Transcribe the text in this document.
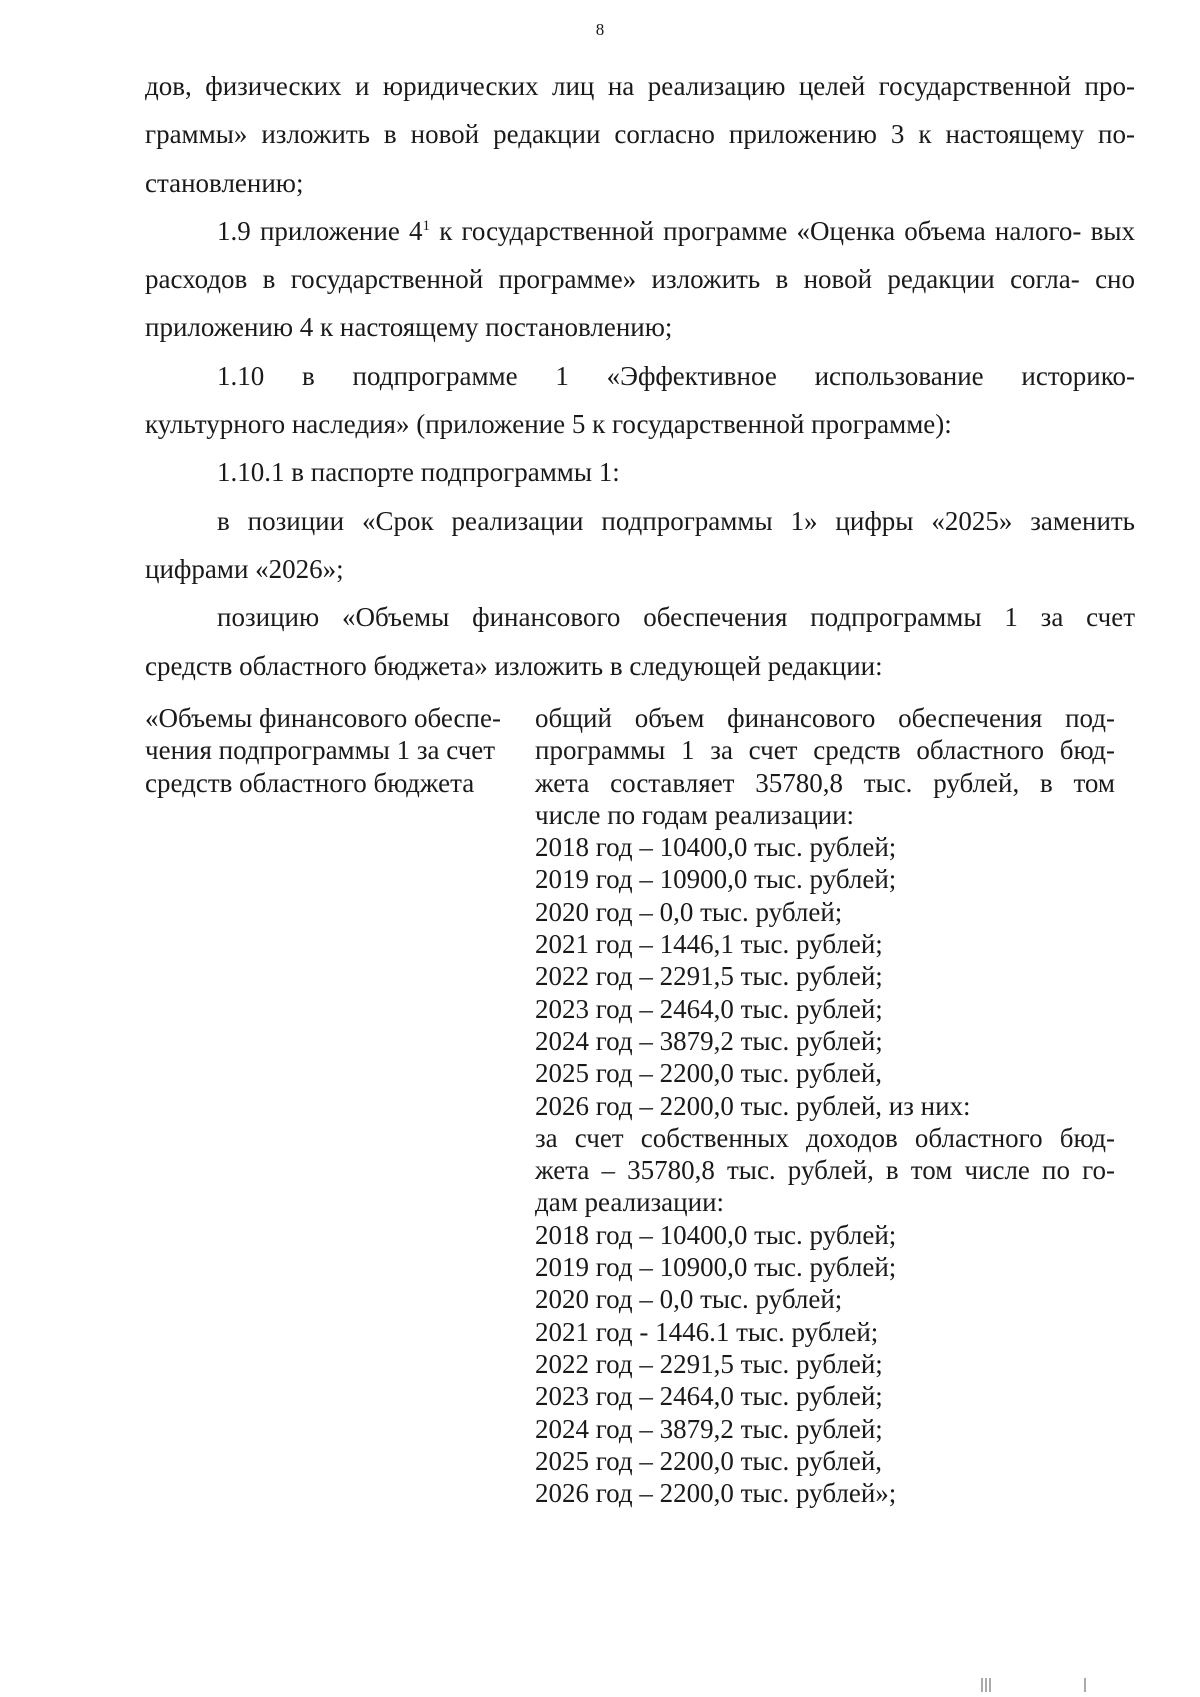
8

дов, физических и юридических лиц на реализацию целей государственной про- граммы» изложить в новой редакции согласно приложению 3 к настоящему по- становлению;

1.9 приложение $4^1$ к государственной программе «Оценка объема налого- вых расходов в государственной программе» изложить в новой редакции согла- сно приложению 4 к настоящему постановлению;

1.10 в подпрограмме 1 «Эффективное использование историко-

культурного наследия» (приложение 5 к государственной программе):

1.10.1 в паспорте подпрограммы 1:

в позиции «Срок реализации подпрограммы 1» цифры «2025» заменить

цифрами «2026»;

позицию «Объемы финансового обеспечения подпрограммы 1 за счет

средств областного бюджета» изложить в следующей редакции:

«Объемы финансового обеспе-
чения подпрограммы 1 за счет
средств областного бюджета
общий объем финансового обеспечения под-
программы 1 за счет средств областного бюд-
жета составляет 35780,8 тыс. рублей, в том
числе по годам реализации:
2018 год – 10400,0 тыс. рублей;
2019 год – 10900,0 тыс. рублей;
2020 год – 0,0 тыс. рублей;
2021 год – 1446,1 тыс. рублей;
2022 год – 2291,5 тыс. рублей;
2023 год – 2464,0 тыс. рублей;
2024 год – 3879,2 тыс. рублей;
2025 год – 2200,0 тыс. рублей,
2026 год – 2200,0 тыс. рублей, из них:
за счет собственных доходов областного бюд-
жета – 35780,8 тыс. рублей, в том числе по го-
дам реализации:
2018 год – 10400,0 тыс. рублей;
2019 год – 10900,0 тыс. рублей;
2020 год – 0,0 тыс. рублей;
2021 год - 1446.1 тыс. рублей;
2022 год – 2291,5 тыс. рублей;
2023 год – 2464,0 тыс. рублей;
2024 год – 3879,2 тыс. рублей;
2025 год – 2200,0 тыс. рублей,
2026 год – 2200,0 тыс. рублей»;
